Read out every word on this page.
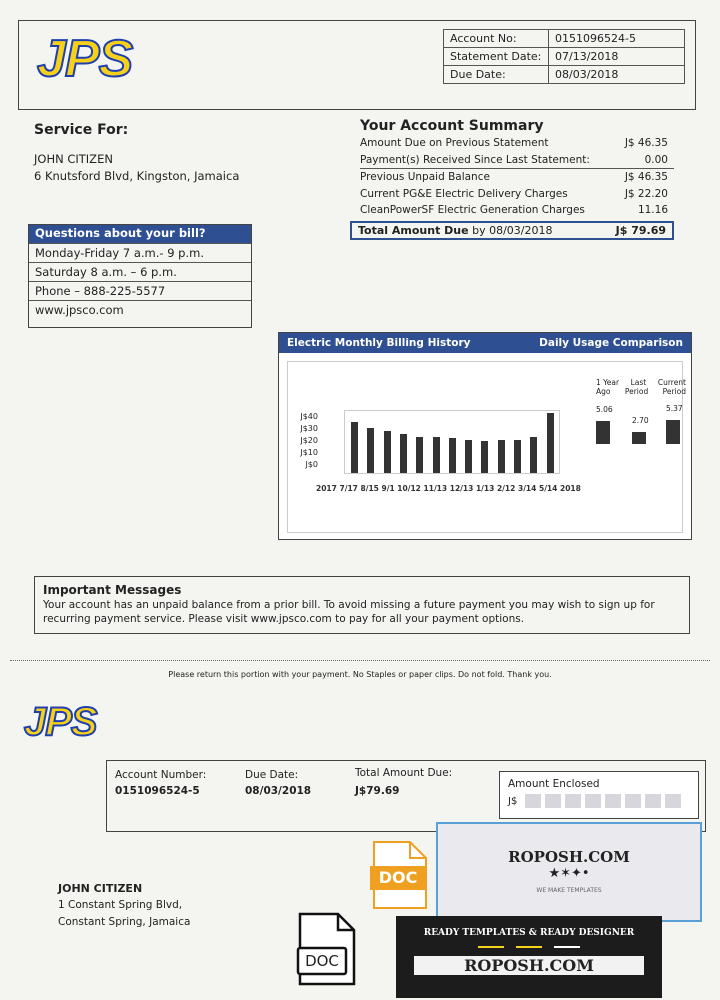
JPS	Account No:	0151096524-5
Statement Date:	07/13/2018
Due Date:	08/03/2018
Service For:
JOHN CITIZEN
6 Knutsford Blvd, Kingston, Jamaica
Questions about your bill?
Monday-Friday 7 a.m.- 9 p.m.
Saturday 8 a.m. – 6 p.m.
Phone – 888-225-5577
www.jpsco.com
Your Account Summary
Amount Due on Previous Statement	J$ 46.35
Payment(s) Received Since Last Statement:	0.00
Previous Unpaid Balance	J$ 46.35
Current PG&E Electric Delivery Charges	J$ 22.20
CleanPowerSF Electric Generation Charges	11.16
Total Amount Due by 08/03/2018	J$ 79.69
Electric Monthly Billing History	Daily Usage Comparison
J$40
J$30
J$20
J$10
J$0
2017 7/17 8/15 9/1 10/12 11/13 12/13 1/13 2/12 3/14 5/14 2018
1 Year Last Current
Ago Period Period
5.06
2.70
5.37
Important Messages
Your account has an unpaid balance from a prior bill. To avoid missing a future payment you may wish to sign up for
recurring payment service. Please visit www.jpsco.com to pay for all your payment options.
Please return this portion with your payment. No Staples or paper clips. Do not fold. Thank you.
JPS
Account Number:
0151096524-5
Due Date:
08/03/2018
Total Amount Due:
J$79.69
Amount Enclosed
J$
JOHN CITIZEN
1 Constant Spring Blvd,
Constant Spring, Jamaica
DOC
ROPOSH.COM
★✶✦•
WE MAKE TEMPLATES
DOC
READY TEMPLATES & READY DESIGNER
ROPOSH.COM
